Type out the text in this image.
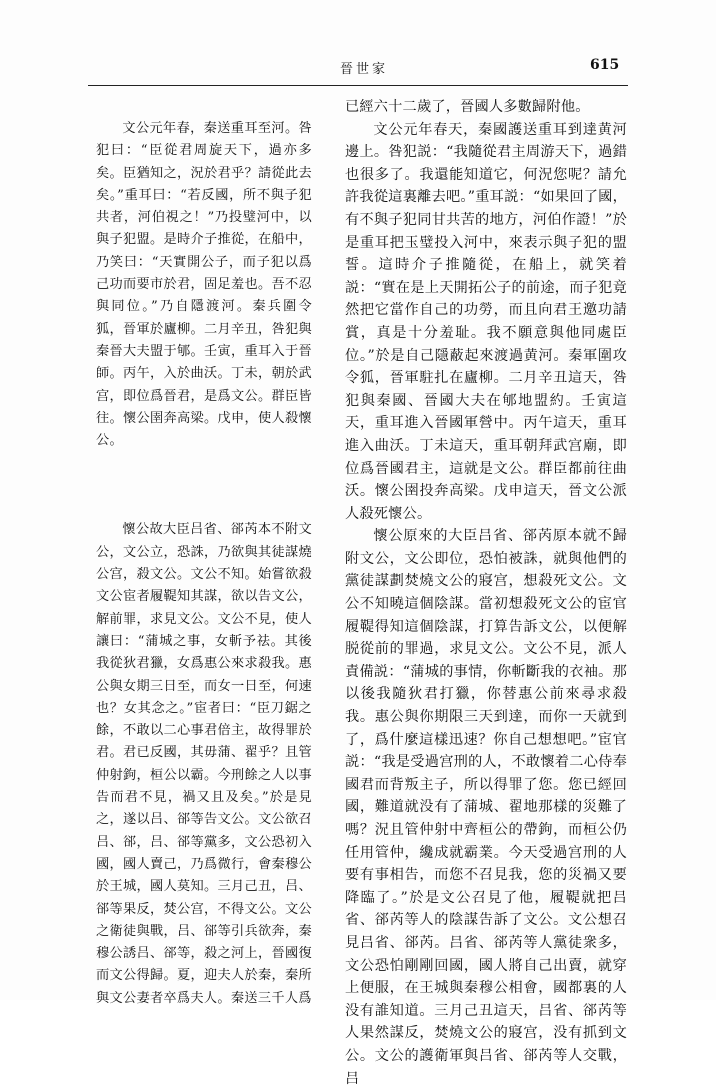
晉世家	615

文公元年春，秦送重耳至河。咎犯曰：“臣從君周旋天下，過亦多矣。臣猶知之，況於君乎？請從此去矣。”重耳曰：“若反國，所不與子犯共者，河伯視之！”乃投璧河中，以與子犯盟。是時介子推從，在船中，乃笑曰：“天實開公子，而子犯以爲己功而要市於君，固足羞也。吾不忍與同位。”乃自隱渡河。秦兵圍令狐，晉軍於廬柳。二月辛丑，咎犯與秦晉大夫盟于郇。壬寅，重耳入于晉師。丙午，入於曲沃。丁未，朝於武宫，即位爲晉君，是爲文公。群臣皆往。懷公圉奔高梁。戊申，使人殺懷公。

懷公故大臣吕省、郤芮本不附文公，文公立，恐誅，乃欲與其徒謀燒公宫，殺文公。文公不知。始嘗欲殺文公宦者履鞮知其謀，欲以告文公，解前罪，求見文公。文公不見，使人讓曰：“蒲城之事，女斬予祛。其後我從狄君獵，女爲惠公來求殺我。惠公與女期三日至，而女一日至，何速也？女其念之。”宦者曰：“臣刀鋸之餘，不敢以二心事君倍主，故得罪於君。君已反國，其毋蒲、翟乎？且管仲射鉤，桓公以霸。今刑餘之人以事告而君不見，禍又且及矣。”於是見之，遂以吕、郤等告文公。文公欲召吕、郤，吕、郤等黨多，文公恐初入國，國人賣己，乃爲微行，會秦穆公於王城，國人莫知。三月己丑，吕、郤等果反，焚公宫，不得文公。文公之衛徒與戰，吕、郤等引兵欲奔，秦穆公誘吕、郤等，殺之河上，晉國復而文公得歸。夏，迎夫人於秦，秦所與文公妻者卒爲夫人。秦送三千人爲

已經六十二歲了，晉國人多數歸附他。

文公元年春天，秦國護送重耳到達黄河邊上。咎犯説：“我隨從君主周游天下，過錯也很多了。我還能知道它，何況您呢？請允許我從這裏離去吧。”重耳説：“如果回了國，有不與子犯同甘共苦的地方，河伯作證！”於是重耳把玉璧投入河中，來表示與子犯的盟誓。這時介子推隨從，在船上，就笑着説：“實在是上天開拓公子的前途，而子犯竟然把它當作自己的功勞，而且向君王邀功請賞，真是十分羞耻。我不願意與他同處臣位。”於是自己隱蔽起來渡過黄河。秦軍圍攻令狐，晉軍駐扎在廬柳。二月辛丑這天，咎犯與秦國、晉國大夫在郇地盟約。壬寅這天，重耳進入晉國軍營中。丙午這天，重耳進入曲沃。丁未這天，重耳朝拜武宫廟，即位爲晉國君主，這就是文公。群臣都前往曲沃。懷公圉投奔高梁。戊申這天，晉文公派人殺死懷公。

懷公原來的大臣吕省、郤芮原本就不歸附文公，文公即位，恐怕被誅，就與他們的黨徒謀劃焚燒文公的寢宫，想殺死文公。文公不知曉這個陰謀。當初想殺死文公的宦官履鞮得知這個陰謀，打算告訴文公，以便解脱從前的罪過，求見文公。文公不見，派人責備説：“蒲城的事情，你斬斷我的衣袖。那以後我隨狄君打獵，你替惠公前來尋求殺我。惠公與你期限三天到達，而你一天就到了，爲什麼這樣迅速？你自己想想吧。”宦官説：“我是受過宫刑的人，不敢懷着二心侍奉國君而背叛主子，所以得罪了您。您已經回國，難道就没有了蒲城、翟地那樣的災難了嗎？況且管仲射中齊桓公的帶鉤，而桓公仍任用管仲，纔成就霸業。今天受過宫刑的人要有事相告，而您不召見我，您的災禍又要降臨了。”於是文公召見了他，履鞮就把吕省、郤芮等人的陰謀告訴了文公。文公想召見吕省、郤芮。吕省、郤芮等人黨徒衆多，文公恐怕剛剛回國，國人將自己出賣，就穿上便服，在王城與秦穆公相會，國都裏的人没有誰知道。三月己丑這天，吕省、郤芮等人果然謀反，焚燒文公的寢宫，没有抓到文公。文公的護衛軍與吕省、郤芮等人交戰，吕
